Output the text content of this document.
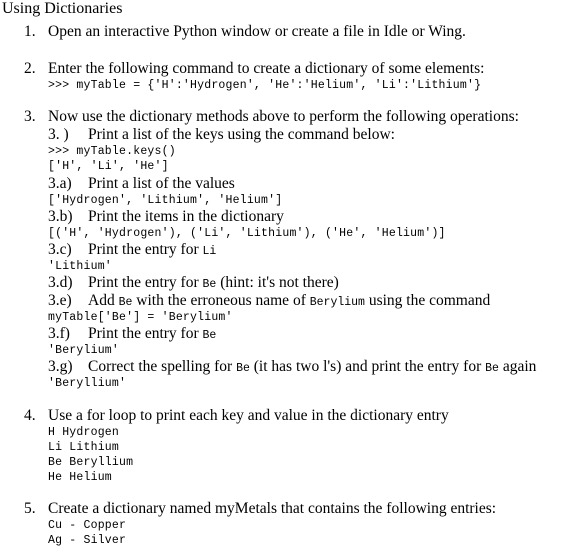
Using Dictionaries
1. Open an interactive Python window or create a file in Idle or Wing.
2. Enter the following command to create a dictionary of some elements:
>>> myTable = {'H':'Hydrogen', 'He':'Helium', 'Li':'Lithium'}
3. Now use the dictionary methods above to perform the following operations:
3. ) Print a list of the keys using the command below:
>>> myTable.keys()
['H', 'Li', 'He']
3.a) Print a list of the values
['Hydrogen', 'Lithium', 'Helium']
3.b) Print the items in the dictionary
[('H', 'Hydrogen'), ('Li', 'Lithium'), ('He', 'Helium')]
3.c) Print the entry for Li
'Lithium'
3.d) Print the entry for Be (hint: it's not there)
3.e) Add Be with the erroneous name of Berylium using the command
myTable['Be'] = 'Berylium'
3.f) Print the entry for Be
'Berylium'
3.g) Correct the spelling for Be (it has two l's) and print the entry for Be again
'Beryllium'
4. Use a for loop to print each key and value in the dictionary entry
H Hydrogen
Li Lithium
Be Beryllium
He Helium
5. Create a dictionary named myMetals that contains the following entries:
Cu - Copper
Ag - Silver
